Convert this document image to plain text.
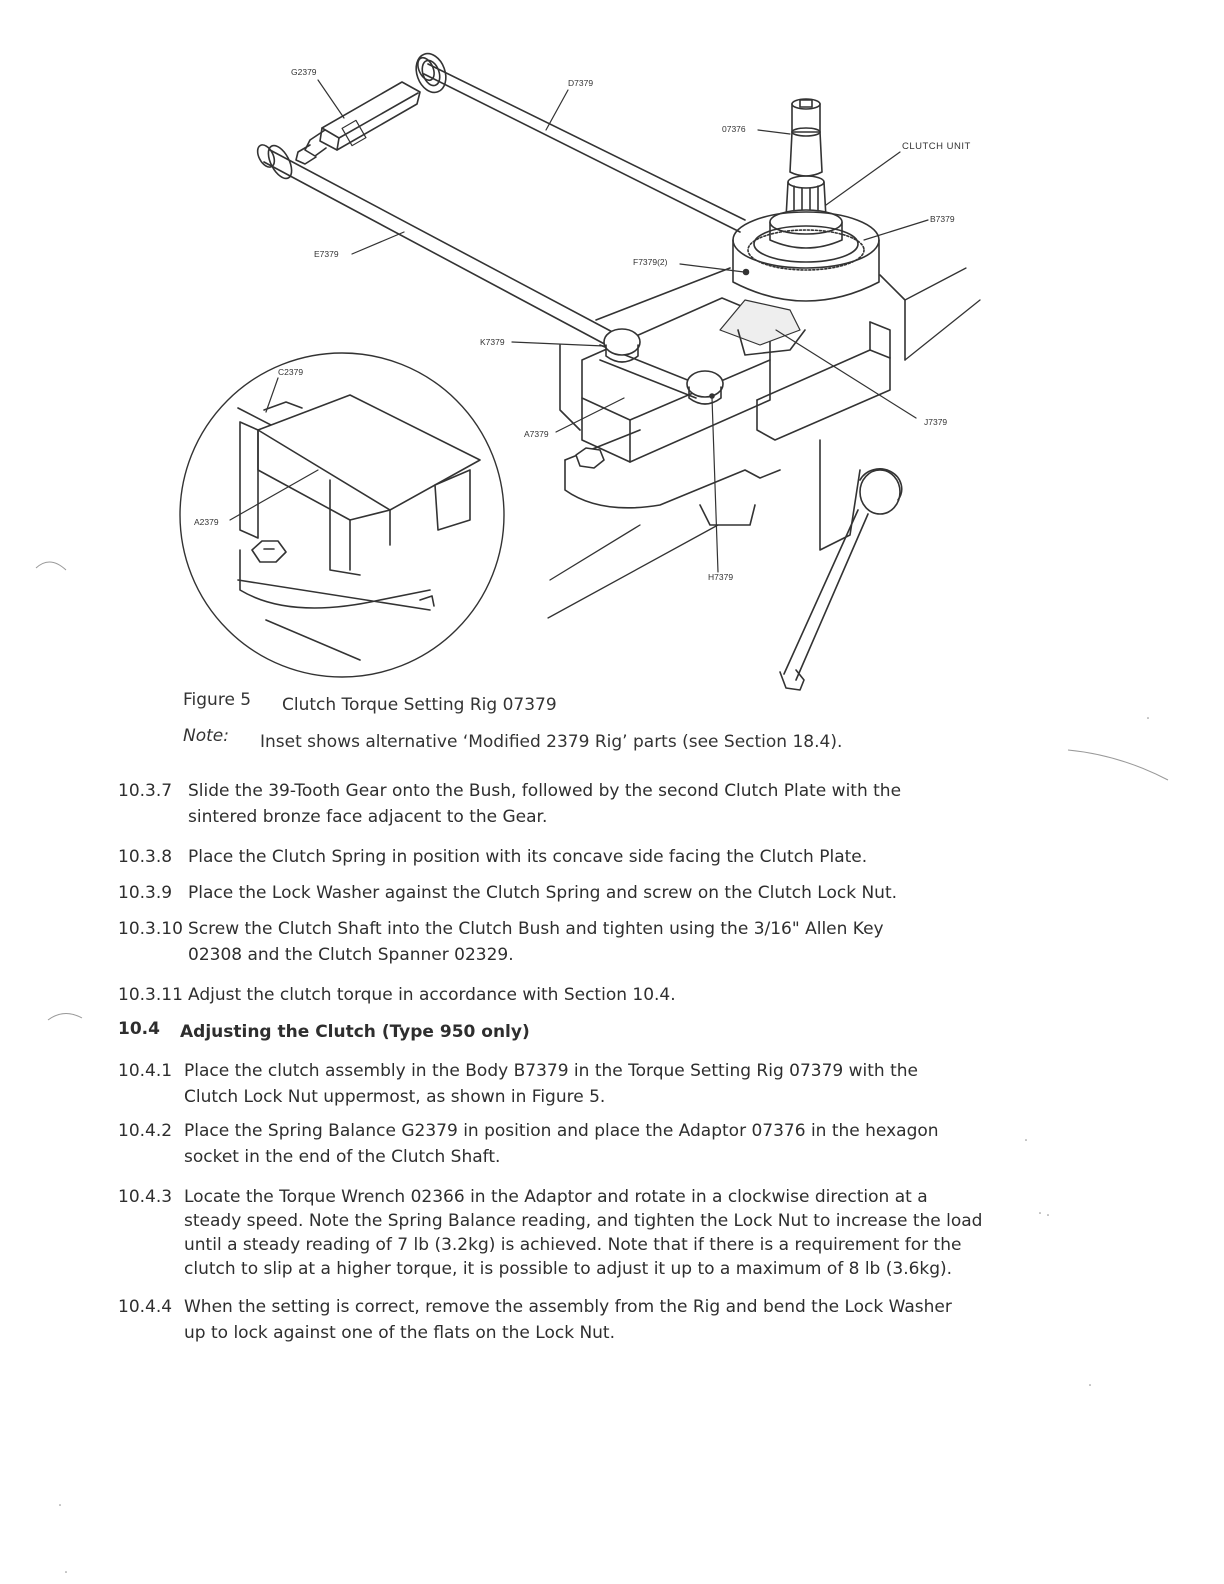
G2379
D7379
07376
CLUTCH UNIT
B7379
F7379(2)
E7379
K7379
C2379
A7379
J7379
A2379
H7379
Figure 5 Clutch Torque Setting Rig 07379
Note: Inset shows alternative ‘Modified 2379 Rig’ parts (see Section 18.4).
10.3.7 Slide the 39-Tooth Gear onto the Bush, followed by the second Clutch Plate with the
sintered bronze face adjacent to the Gear.
10.3.8 Place the Clutch Spring in position with its concave side facing the Clutch Plate.
10.3.9 Place the Lock Washer against the Clutch Spring and screw on the Clutch Lock Nut.
10.3.10 Screw the Clutch Shaft into the Clutch Bush and tighten using the 3/16" Allen Key
02308 and the Clutch Spanner 02329.
10.3.11 Adjust the clutch torque in accordance with Section 10.4.
10.4 Adjusting the Clutch (Type 950 only)
10.4.1 Place the clutch assembly in the Body B7379 in the Torque Setting Rig 07379 with the
Clutch Lock Nut uppermost, as shown in Figure 5.
10.4.2 Place the Spring Balance G2379 in position and place the Adaptor 07376 in the hexagon
socket in the end of the Clutch Shaft.
10.4.3 Locate the Torque Wrench 02366 in the Adaptor and rotate in a clockwise direction at a
steady speed. Note the Spring Balance reading, and tighten the Lock Nut to increase the load
until a steady reading of 7 lb (3.2kg) is achieved. Note that if there is a requirement for the
clutch to slip at a higher torque, it is possible to adjust it up to a maximum of 8 lb (3.6kg).
10.4.4 When the setting is correct, remove the assembly from the Rig and bend the Lock Washer
up to lock against one of the flats on the Lock Nut.
